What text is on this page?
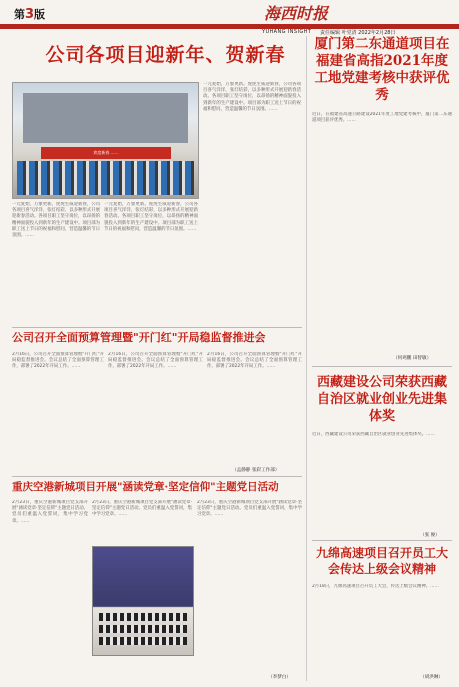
第3版	海西时报
YUHANG INSIGHT 责任编辑 叶党清 2022年2月28日
公司各项目迎新年、贺新春
欢度新春 ……
一元复始，万象更新。虎虎生威迎新春，公司各项目喜气洋洋，张灯结彩，以多种形式开展迎新春活动。各项目职工坚守岗位，以昂扬的精神面貌投入到新年的生产建设中。项目部为职工送上节日的祝福和慰问，营造温馨的节日氛围。……
一元复始，万象更新。虎虎生威迎新春，公司各项目喜气洋洋，张灯结彩，以多种形式开展迎新春活动。各项目职工坚守岗位，以昂扬的精神面貌投入到新年的生产建设中。项目部为职工送上节日的祝福和慰问，营造温馨的节日氛围。……
一元复始，万象更新。虎虎生威迎新春，公司各项目喜气洋洋，张灯结彩，以多种形式开展迎新春活动。各项目职工坚守岗位，以昂扬的精神面貌投入到新年的生产建设中。项目部为职工送上节日的祝福和慰问，营造温馨的节日氛围。……
厦门第二东通道项目在福建省高指2021年度工地党建考核中获评优秀
近日，在福建省高速公路建设2021年度工地党建考核中，厦门第二东通道项目获评优秀。……
（何鸡鹏 田智敏）
公司召开全面预算管理暨"开门红"开局稳监督推进会
2月16日，公司召开全面预算管理暨"开门红"开局稳监督推进会。会议总结了全面预算管理工作，部署了2022年开局工作。……
2月16日，公司召开全面预算管理暨"开门红"开局稳监督推进会。会议总结了全面预算管理工作，部署了2022年开局工作。……
2月16日，公司召开全面预算管理暨"开门红"开局稳监督推进会。会议总结了全面预算管理工作，部署了2022年开局工作。……
（孟静静 张彩工作部）
重庆空港新城项目开展"涵读党章·坚定信仰"主题党日活动
2月23日，重庆空港新城项目党支部开展"涵读党章·坚定信仰"主题党日活动。党员们重温入党誓词，集中学习党章。……
2月23日，重庆空港新城项目党支部开展"涵读党章·坚定信仰"主题党日活动。党员们重温入党誓词，集中学习党章。……
2月23日，重庆空港新城项目党支部开展"涵读党章·坚定信仰"主题党日活动。党员们重温入党誓词，集中学习党章。……
（李梦白）
西藏建设公司荣获西藏自治区就业创业先进集体奖
近日，西藏建设公司荣获西藏自治区就业创业先进集体奖。……
（张 俊）
九绵高速项目召开员工大会传达上级会议精神
2月18日，九绵高速项目召开员工大会，传达上级会议精神。……
（胡洪琳）
